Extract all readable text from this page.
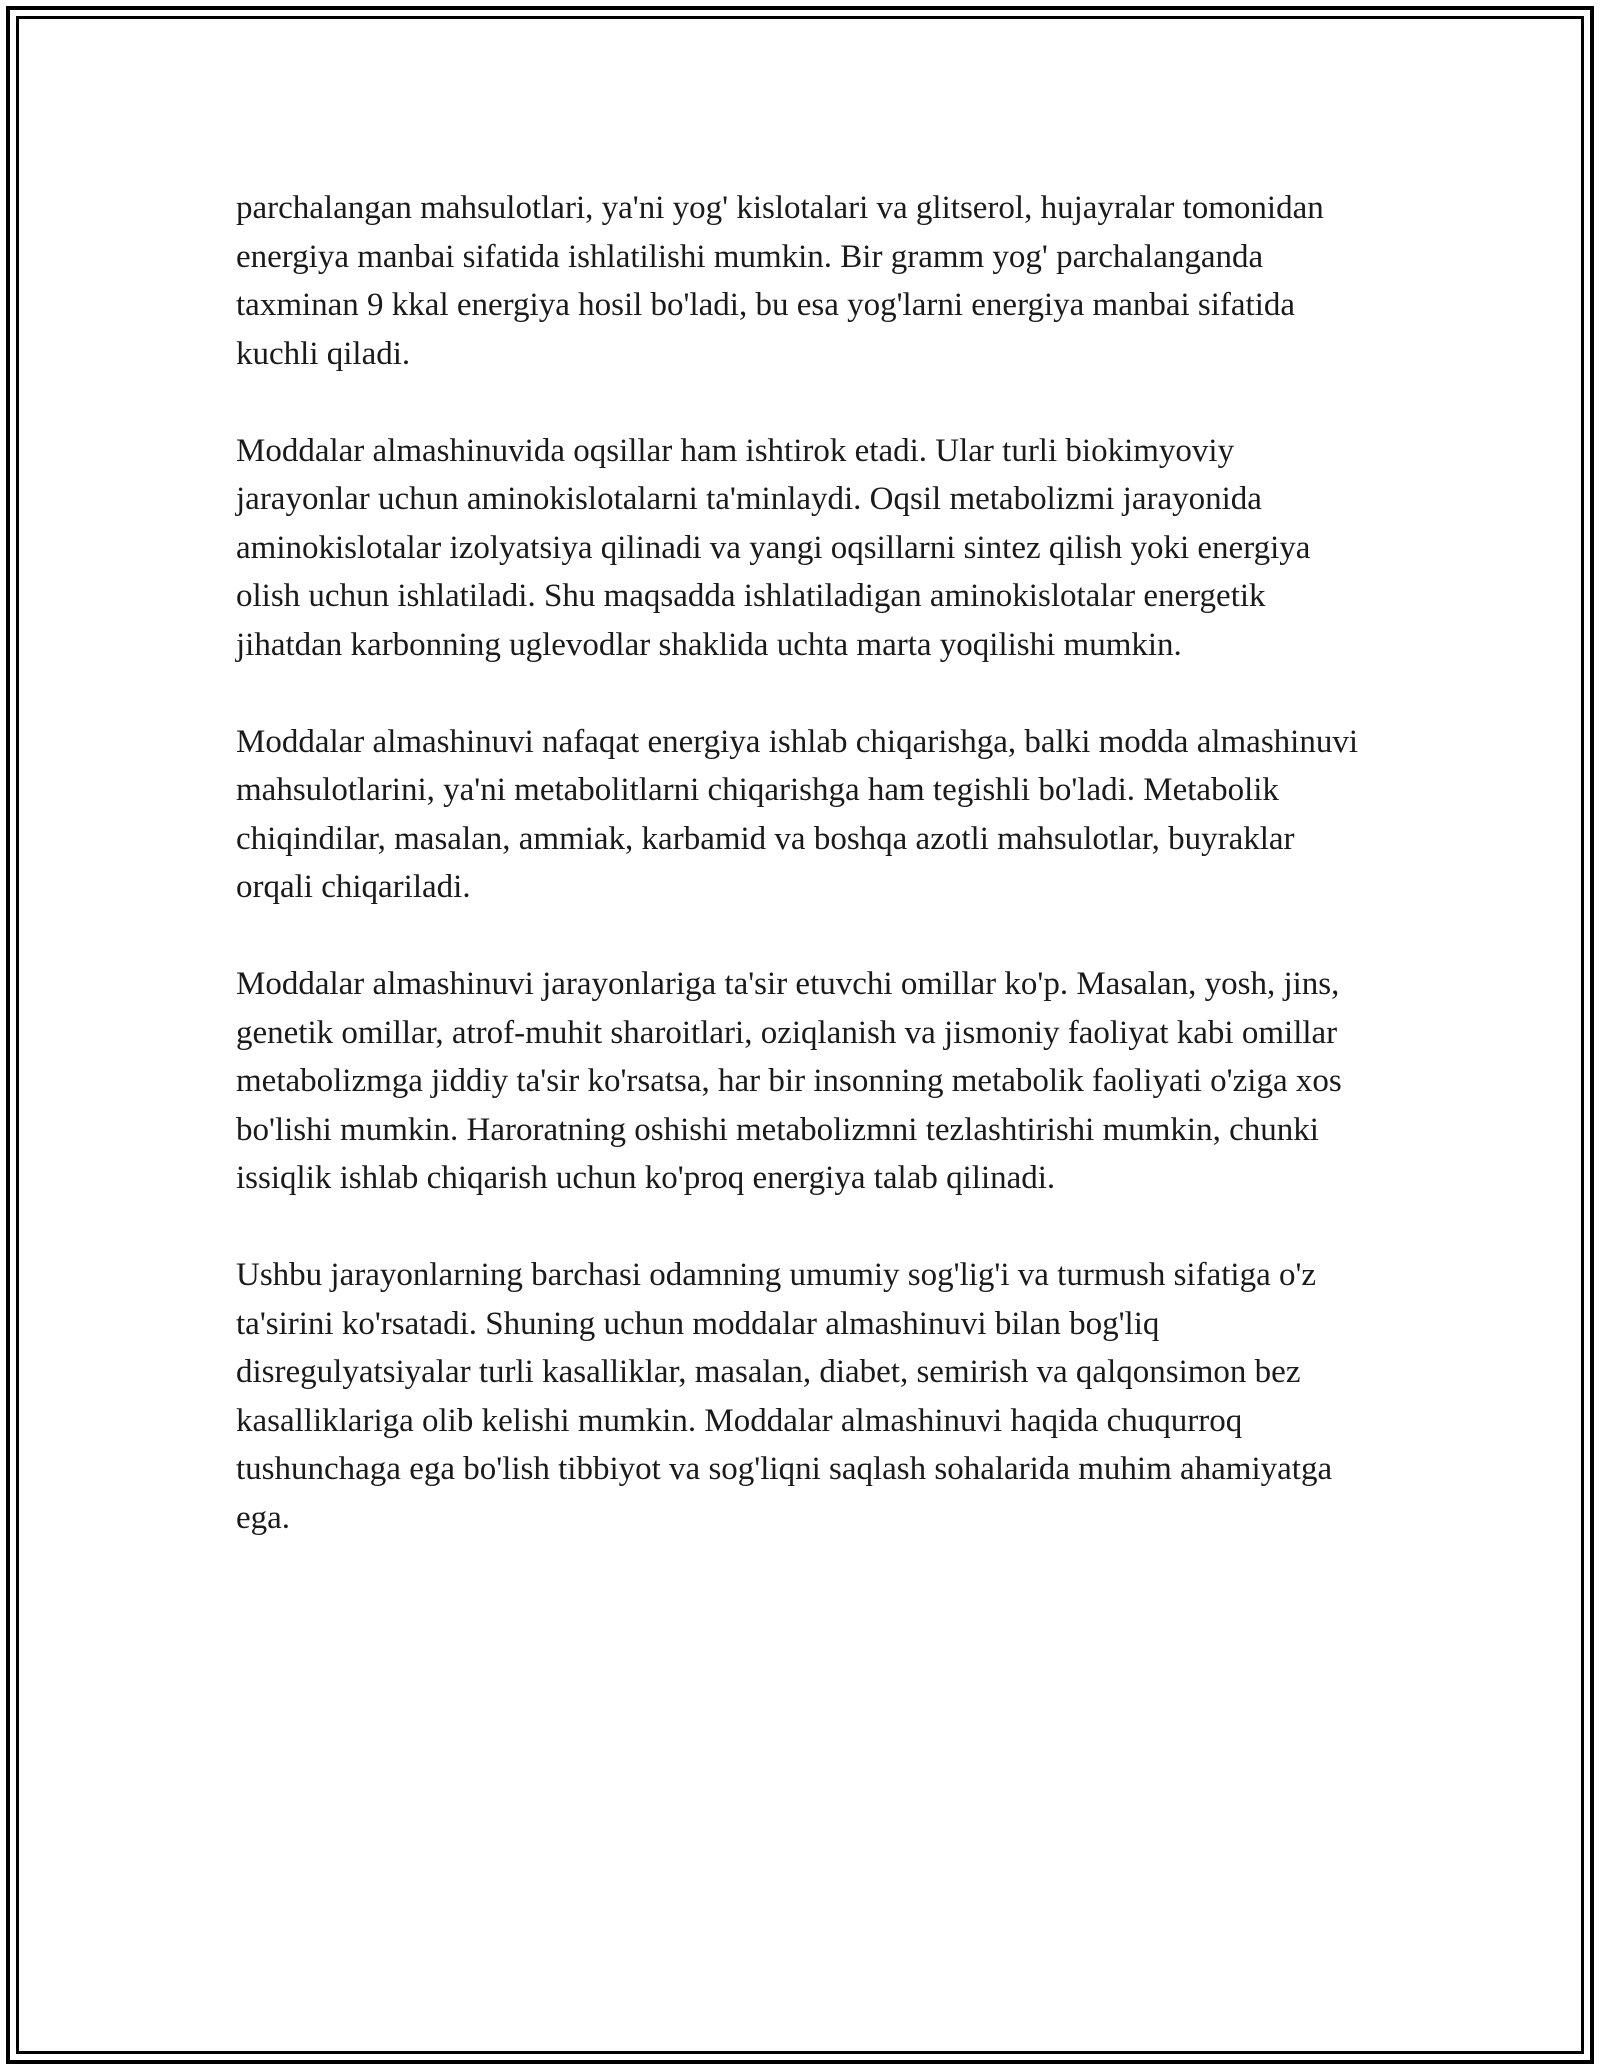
parchalangan mahsulotlari, ya'ni yog' kislotalari va glitserol, hujayralar tomonidan energiya manbai sifatida ishlatilishi mumkin. Bir gramm yog' parchalanganda taxminan 9 kkal energiya hosil bo'ladi, bu esa yog'larni energiya manbai sifatida kuchli qiladi.

Moddalar almashinuvida oqsillar ham ishtirok etadi. Ular turli biokimyoviy jarayonlar uchun aminokislotalarni ta'minlaydi. Oqsil metabolizmi jarayonida aminokislotalar izolyatsiya qilinadi va yangi oqsillarni sintez qilish yoki energiya olish uchun ishlatiladi. Shu maqsadda ishlatiladigan aminokislotalar energetik jihatdan karbonning uglevodlar shaklida uchta marta yoqilishi mumkin.

Moddalar almashinuvi nafaqat energiya ishlab chiqarishga, balki modda almashinuvi mahsulotlarini, ya'ni metabolitlarni chiqarishga ham tegishli bo'ladi. Metabolik chiqindilar, masalan, ammiak, karbamid va boshqa azotli mahsulotlar, buyraklar orqali chiqariladi.

Moddalar almashinuvi jarayonlariga ta'sir etuvchi omillar ko'p. Masalan, yosh, jins, genetik omillar, atrof-muhit sharoitlari, oziqlanish va jismoniy faoliyat kabi omillar metabolizmga jiddiy ta'sir ko'rsatsa, har bir insonning metabolik faoliyati o'ziga xos bo'lishi mumkin. Haroratning oshishi metabolizmni tezlashtirishi mumkin, chunki issiqlik ishlab chiqarish uchun ko'proq energiya talab qilinadi.

Ushbu jarayonlarning barchasi odamning umumiy sog'lig'i va turmush sifatiga o'z ta'sirini ko'rsatadi. Shuning uchun moddalar almashinuvi bilan bog'liq disregulyatsiyalar turli kasalliklar, masalan, diabet, semirish va qalqonsimon bez kasalliklariga olib kelishi mumkin. Moddalar almashinuvi haqida chuqurroq tushunchaga ega bo'lish tibbiyot va sog'liqni saqlash sohalarida muhim ahamiyatga ega.
